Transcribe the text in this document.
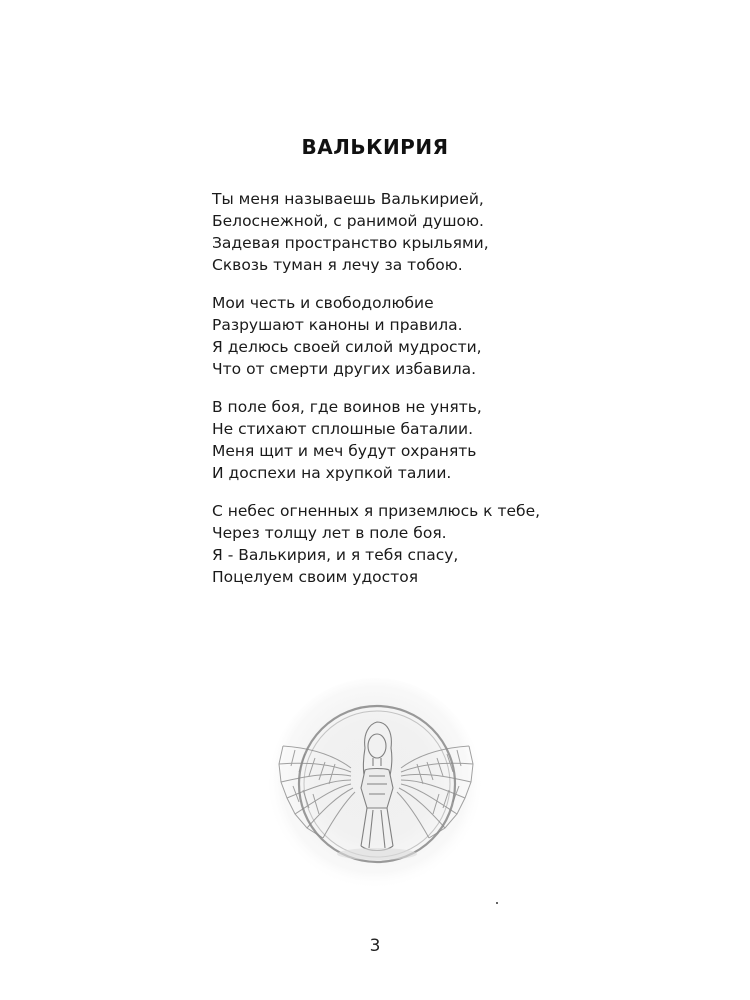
ВАЛЬКИРИЯ
Ты меня называешь Валькирией,
Белоснежной, с ранимой душою.
Задевая пространство крыльями,
Сквозь туман я лечу за тобою.
Мои честь и свободолюбие
Разрушают каноны и правила.
Я делюсь своей силой мудрости,
Что от смерти других избавила.
В поле боя, где воинов не унять,
Не стихают сплошные баталии.
Меня щит и меч будут охранять
И доспехи на хрупкой талии.
С небес огненных я приземлюсь к тебе,
Через толщу лет в поле боя.
Я - Валькирия, и я тебя спасу,
Поцелуем своим удостоя
3
